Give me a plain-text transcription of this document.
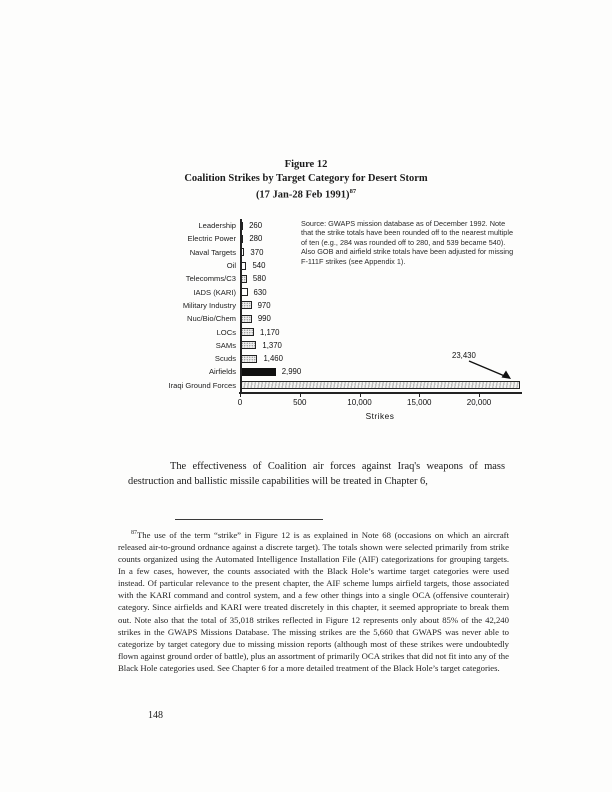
Figure 12
Coalition Strikes by Target Category for Desert Storm
(17 Jan-28 Feb 1991)$^{87}$
Leadership	260
Electric Power	280
Naval Targets	370
Oil	540
Telecomms/C3	580
IADS (KARI)	630
Military Industry	970
Nuc/Bio/Chem	990
LOCs	1,170
SAMs	1,370
Scuds	1,460
Airfields	2,990
Iraqi Ground Forces
0	500	10,000	15,000	20,000
Strikes
Source: GWAPS mission database as of December 1992. Note that the strike totals have been rounded off to the nearest multiple of ten (e.g., 284 was rounded off to 280, and 539 became 540). Also GOB and airfield strike totals have been adjusted for missing F-111F strikes (see Appendix 1).
23,430

The effectiveness of Coalition air forces against Iraq's weapons of mass destruction and ballistic missile capabilities will be treated in Chapter 6,

$^{87}$The use of the term “strike” in Figure 12 is as explained in Note 68 (occasions on which an aircraft released air-to-ground ordnance against a discrete target). The totals shown were selected primarily from strike counts organized using the Automated Intelligence Installation File (AIF) categorizations for grouping targets. In a few cases, however, the counts associated with the Black Hole’s wartime target categories were used instead. Of particular relevance to the present chapter, the AIF scheme lumps airfield targets, those associated with the KARI command and control system, and a few other things into a single OCA (offensive counterair) category. Since airfields and KARI were treated discretely in this chapter, it seemed appropriate to break them out. Note also that the total of 35,018 strikes reflected in Figure 12 represents only about 85% of the 42,240 strikes in the GWAPS Missions Database. The missing strikes are the 5,660 that GWAPS was never able to categorize by target category due to missing mission reports (although most of these strikes were undoubtedly flown against ground order of battle), plus an assortment of primarily OCA strikes that did not fit into any of the Black Hole categories used. See Chapter 6 for a more detailed treatment of the Black Hole’s target categories.

148
